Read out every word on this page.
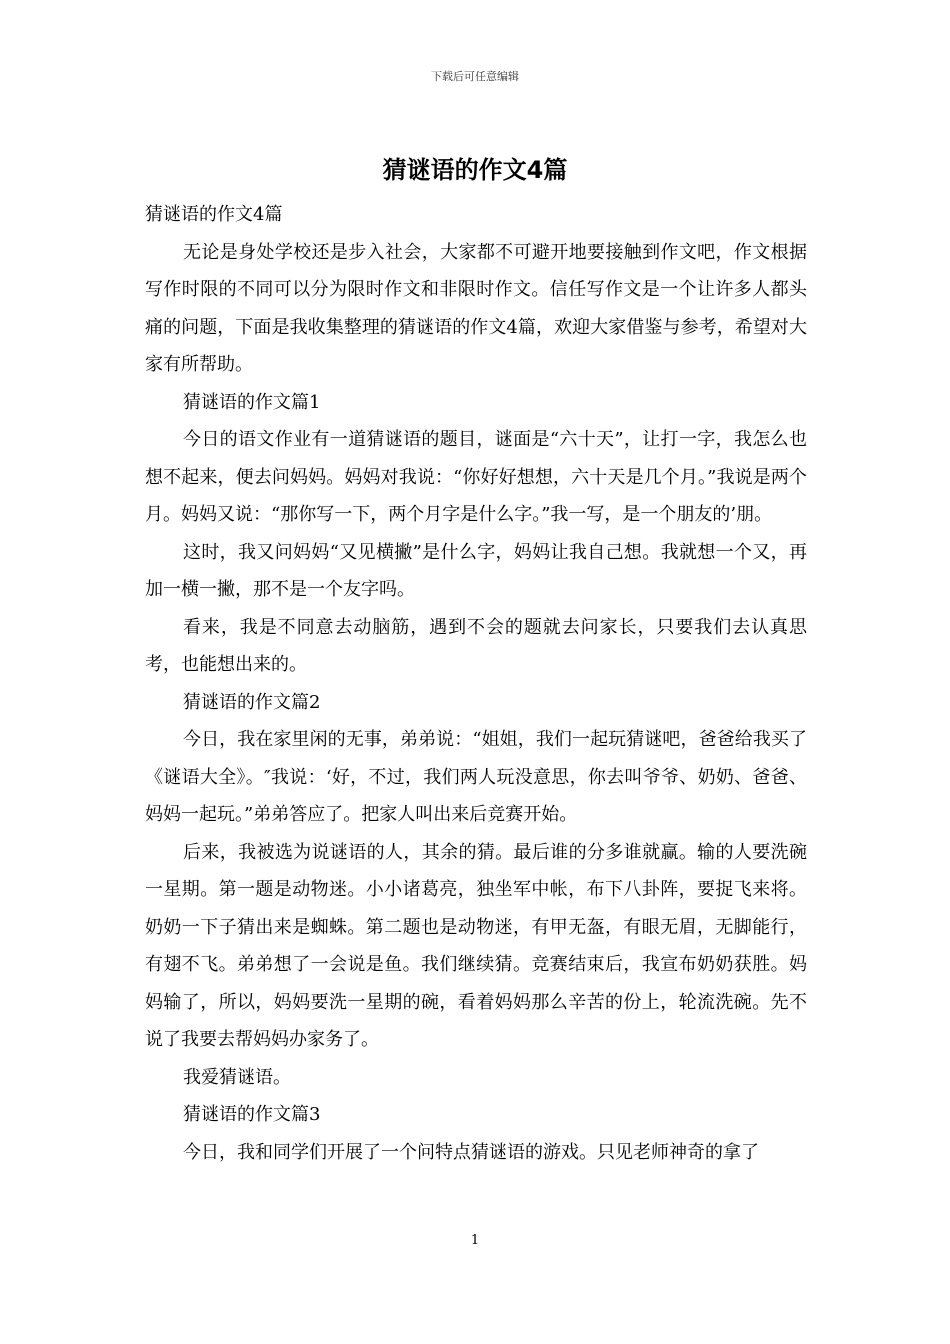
下载后可任意编辑
猜谜语的作文4篇

猜谜语的作文4篇

无论是身处学校还是步入社会，大家都不可避开地要接触到作文吧，作文根据写作时限的不同可以分为限时作文和非限时作文。信任写作文是一个让许多人都头痛的问题，下面是我收集整理的猜谜语的作文4篇，欢迎大家借鉴与参考，希望对大家有所帮助。

猜谜语的作文篇1

今日的语文作业有一道猜谜语的题目，谜面是“六十天”，让打一字，我怎么也想不起来，便去问妈妈。妈妈对我说：“你好好想想，六十天是几个月。”我说是两个月。妈妈又说：“那你写一下，两个月字是什么字。”我一写，是一个朋友的’朋。

这时，我又问妈妈“又见横撇”是什么字，妈妈让我自己想。我就想一个又，再加一横一撇，那不是一个友字吗。

看来，我是不同意去动脑筋，遇到不会的题就去问家长，只要我们去认真思考，也能想出来的。

猜谜语的作文篇2

今日，我在家里闲的无事，弟弟说：“姐姐，我们一起玩猜谜吧，爸爸给我买了《谜语大全》。″我说：‘好，不过，我们两人玩没意思，你去叫爷爷、奶奶、爸爸、妈妈一起玩。”弟弟答应了。把家人叫出来后竞赛开始。

后来，我被选为说谜语的人，其余的猜。最后谁的分多谁就赢。输的人要洗碗一星期。第一题是动物迷。小小诸葛亮，独坐军中帐，布下八卦阵，要捉飞来将。奶奶一下子猜出来是蜘蛛。第二题也是动物迷，有甲无盔，有眼无眉，无脚能行，有翅不飞。弟弟想了一会说是鱼。我们继续猜。竞赛结束后，我宣布奶奶获胜。妈妈输了，所以，妈妈要洗一星期的碗，看着妈妈那么辛苦的份上，轮流洗碗。先不说了我要去帮妈妈办家务了。

我爱猜谜语。

猜谜语的作文篇3

今日，我和同学们开展了一个问特点猜谜语的游戏。只见老师神奇的拿了

1
